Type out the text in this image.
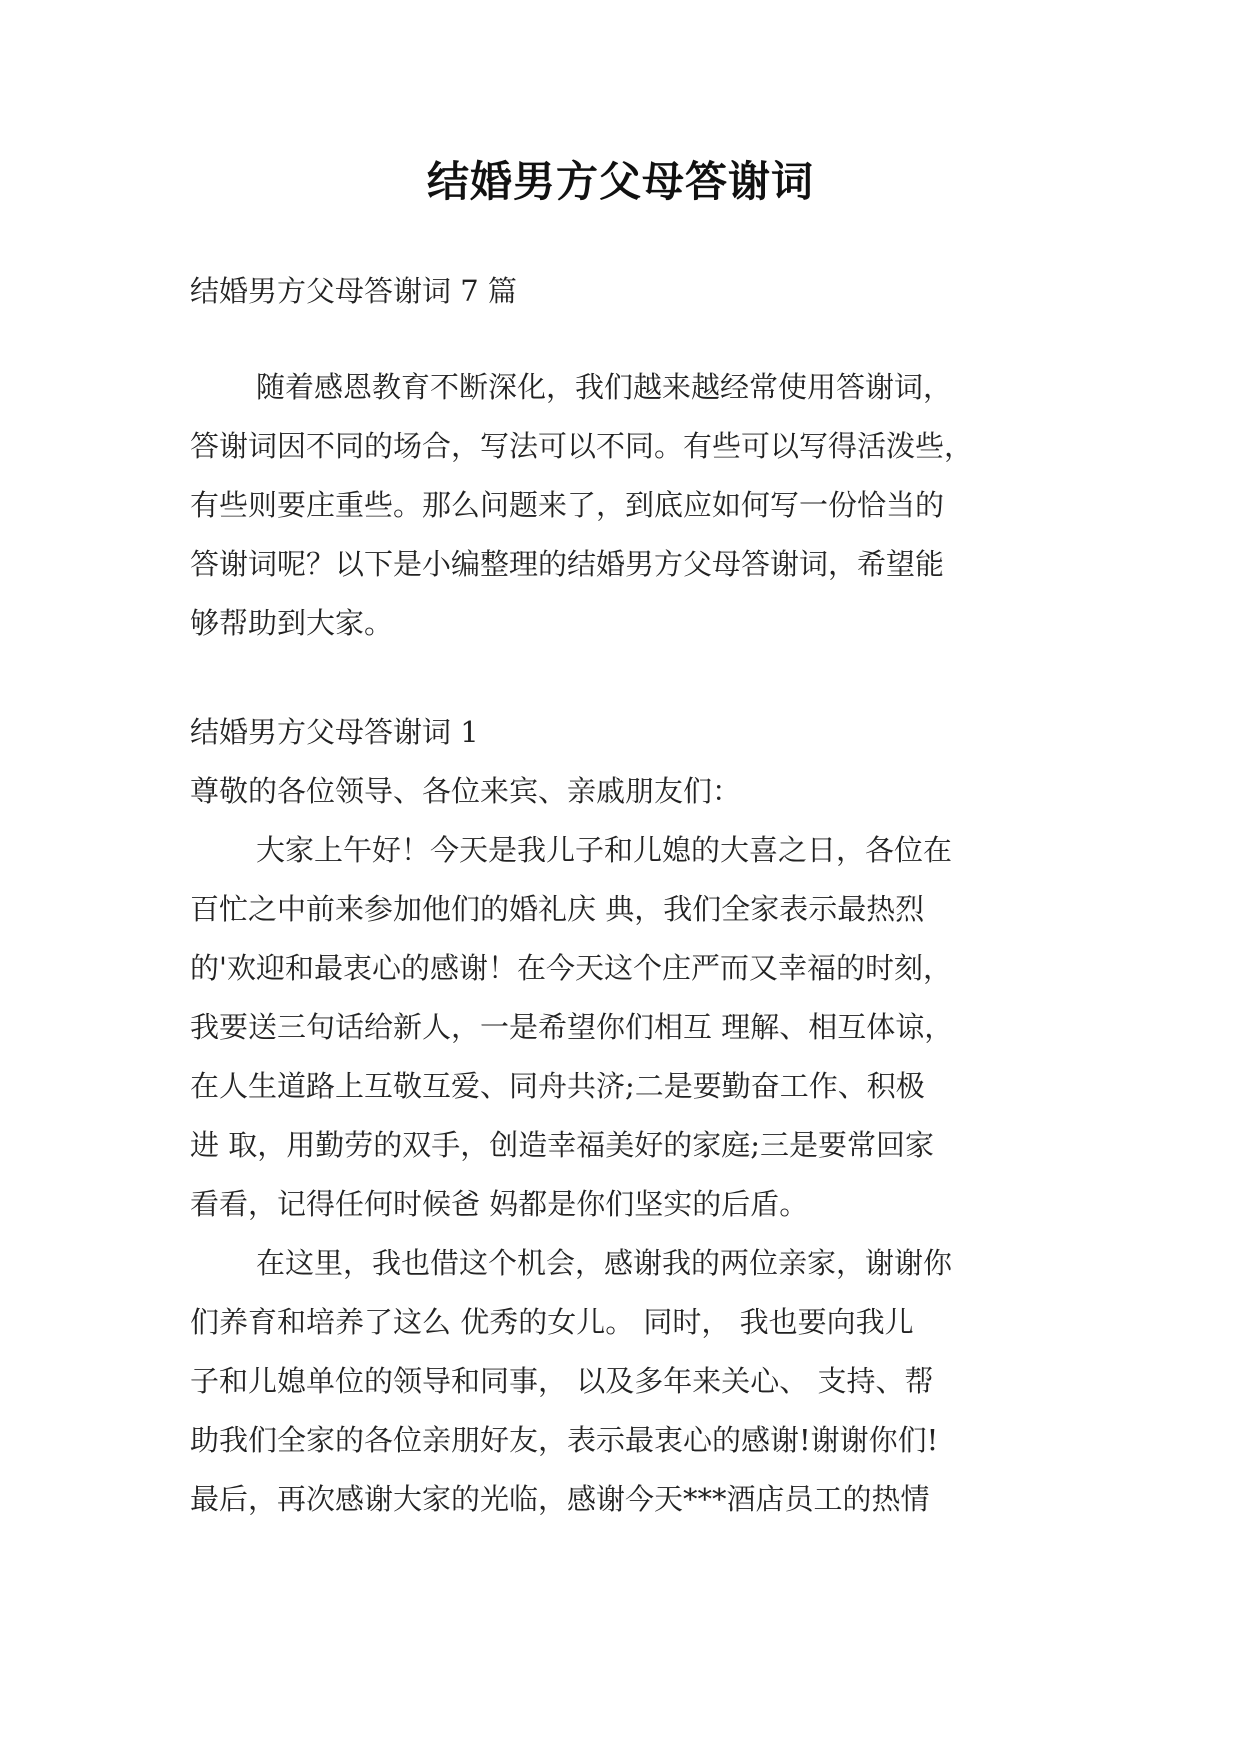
结婚男方父母答谢词
结婚男方父母答谢词 7 篇
随着感恩教育不断深化，我们越来越经常使用答谢词，
答谢词因不同的场合，写法可以不同。有些可以写得活泼些，
有些则要庄重些。那么问题来了，到底应如何写一份恰当的
答谢词呢？以下是小编整理的结婚男方父母答谢词，希望能
够帮助到大家。
结婚男方父母答谢词 1
尊敬的各位领导、各位来宾、亲戚朋友们：
大家上午好！今天是我儿子和儿媳的大喜之日，各位在
百忙之中前来参加他们的婚礼庆 典，我们全家表示最热烈
的'欢迎和最衷心的感谢！在今天这个庄严而又幸福的时刻，
我要送三句话给新人，一是希望你们相互 理解、相互体谅，
在人生道路上互敬互爱、同舟共济;二是要勤奋工作、积极
进 取，用勤劳的双手，创造幸福美好的家庭;三是要常回家
看看，记得任何时候爸 妈都是你们坚实的后盾。
在这里，我也借这个机会，感谢我的两位亲家，谢谢你
们养育和培养了这么 优秀的女儿。 同时， 我也要向我儿
子和儿媳单位的领导和同事， 以及多年来关心、 支持、帮
助我们全家的各位亲朋好友，表示最衷心的感谢!谢谢你们!
最后，再次感谢大家的光临，感谢今天***酒店员工的热情
